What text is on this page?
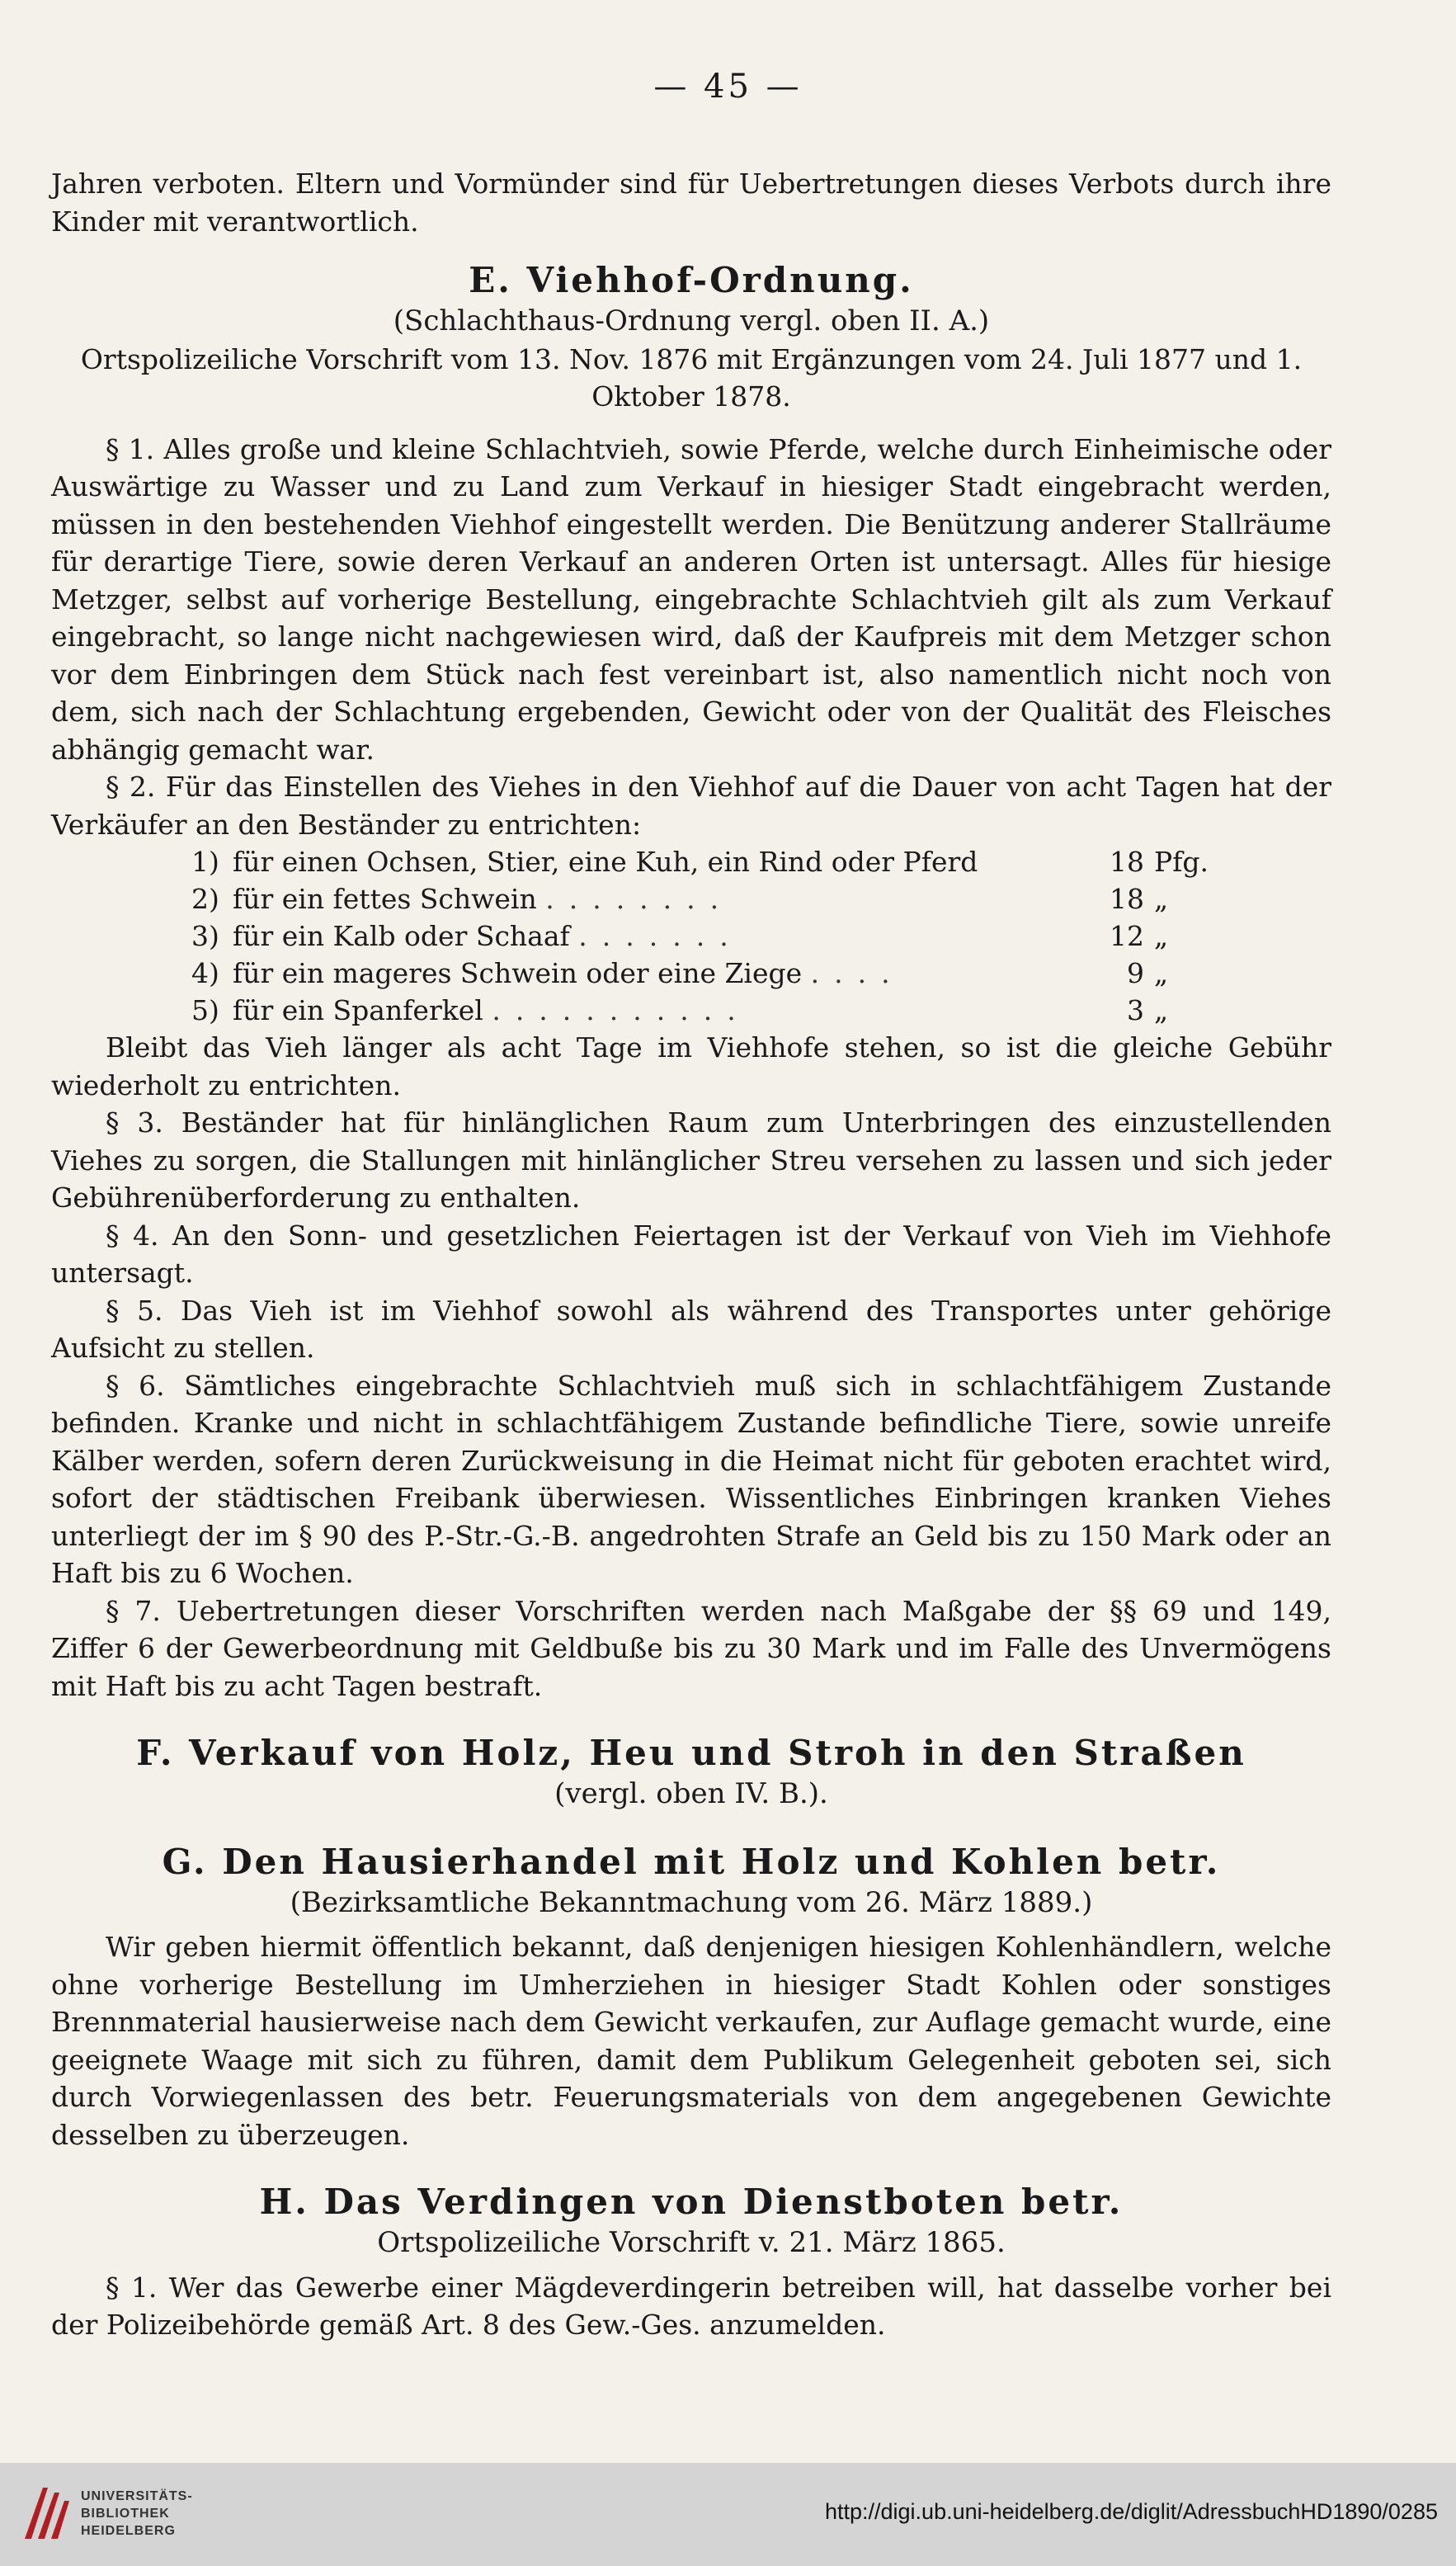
— 45 —

Jahren verboten. Eltern und Vormünder sind für Uebertretungen dieses Verbots durch ihre Kinder mit verantwortlich.

E. Viehhof-Ordnung.

(Schlachthaus-Ordnung vergl. oben II. A.)

Ortspolizeiliche Vorschrift vom 13. Nov. 1876 mit Ergänzungen vom 24. Juli 1877 und 1. Oktober 1878.

§ 1. Alles große und kleine Schlachtvieh, sowie Pferde, welche durch Einheimische oder Auswärtige zu Wasser und zu Land zum Verkauf in hiesiger Stadt eingebracht werden, müssen in den bestehenden Viehhof eingestellt werden. Die Benützung anderer Stallräume für derartige Tiere, sowie deren Verkauf an anderen Orten ist untersagt. Alles für hiesige Metzger, selbst auf vorherige Bestellung, eingebrachte Schlachtvieh gilt als zum Verkauf eingebracht, so lange nicht nachgewiesen wird, daß der Kaufpreis mit dem Metzger schon vor dem Einbringen dem Stück nach fest vereinbart ist, also namentlich nicht noch von dem, sich nach der Schlachtung ergebenden, Gewicht oder von der Qualität des Fleisches abhängig gemacht war.

§ 2. Für das Einstellen des Viehes in den Viehhof auf die Dauer von acht Tagen hat der Verkäufer an den Beständer zu entrichten:

1)	für einen Ochsen, Stier, eine Kuh, ein Rind oder Pferd	18	Pfg.
2)	für ein fettes Schwein ........	18	„
3)	für ein Kalb oder Schaaf .......	12	„
4)	für ein mageres Schwein oder eine Ziege ....	9	„
5)	für ein Spanferkel ...........	3	„

Bleibt das Vieh länger als acht Tage im Viehhofe stehen, so ist die gleiche Gebühr wiederholt zu entrichten.

§ 3. Beständer hat für hinlänglichen Raum zum Unterbringen des einzustellenden Viehes zu sorgen, die Stallungen mit hinlänglicher Streu versehen zu lassen und sich jeder Gebührenüberforderung zu enthalten.

§ 4. An den Sonn- und gesetzlichen Feiertagen ist der Verkauf von Vieh im Viehhofe untersagt.

§ 5. Das Vieh ist im Viehhof sowohl als während des Transportes unter gehörige Aufsicht zu stellen.

§ 6. Sämtliches eingebrachte Schlachtvieh muß sich in schlachtfähigem Zustande befinden. Kranke und nicht in schlachtfähigem Zustande befindliche Tiere, sowie unreife Kälber werden, sofern deren Zurückweisung in die Heimat nicht für geboten erachtet wird, sofort der städtischen Freibank überwiesen. Wissentliches Einbringen kranken Viehes unterliegt der im § 90 des P.-Str.-G.-B. angedrohten Strafe an Geld bis zu 150 Mark oder an Haft bis zu 6 Wochen.

§ 7. Uebertretungen dieser Vorschriften werden nach Maßgabe der §§ 69 und 149, Ziffer 6 der Gewerbeordnung mit Geldbuße bis zu 30 Mark und im Falle des Unvermögens mit Haft bis zu acht Tagen bestraft.

F. Verkauf von Holz, Heu und Stroh in den Straßen

(vergl. oben IV. B.).

G. Den Hausierhandel mit Holz und Kohlen betr.

(Bezirksamtliche Bekanntmachung vom 26. März 1889.)

Wir geben hiermit öffentlich bekannt, daß denjenigen hiesigen Kohlenhändlern, welche ohne vorherige Bestellung im Umherziehen in hiesiger Stadt Kohlen oder sonstiges Brennmaterial hausierweise nach dem Gewicht verkaufen, zur Auflage gemacht wurde, eine geeignete Waage mit sich zu führen, damit dem Publikum Gelegenheit geboten sei, sich durch Vorwiegenlassen des betr. Feuerungsmaterials von dem angegebenen Gewichte desselben zu überzeugen.

H. Das Verdingen von Dienstboten betr.

Ortspolizeiliche Vorschrift v. 21. März 1865.

§ 1. Wer das Gewerbe einer Mägdeverdingerin betreiben will, hat dasselbe vorher bei der Polizeibehörde gemäß Art. 8 des Gew.-Ges. anzumelden.

UNIVERSITÄTS-
BIBLIOTHEK
HEIDELBERG
http://digi.ub.uni-heidelberg.de/diglit/AdressbuchHD1890/0285
